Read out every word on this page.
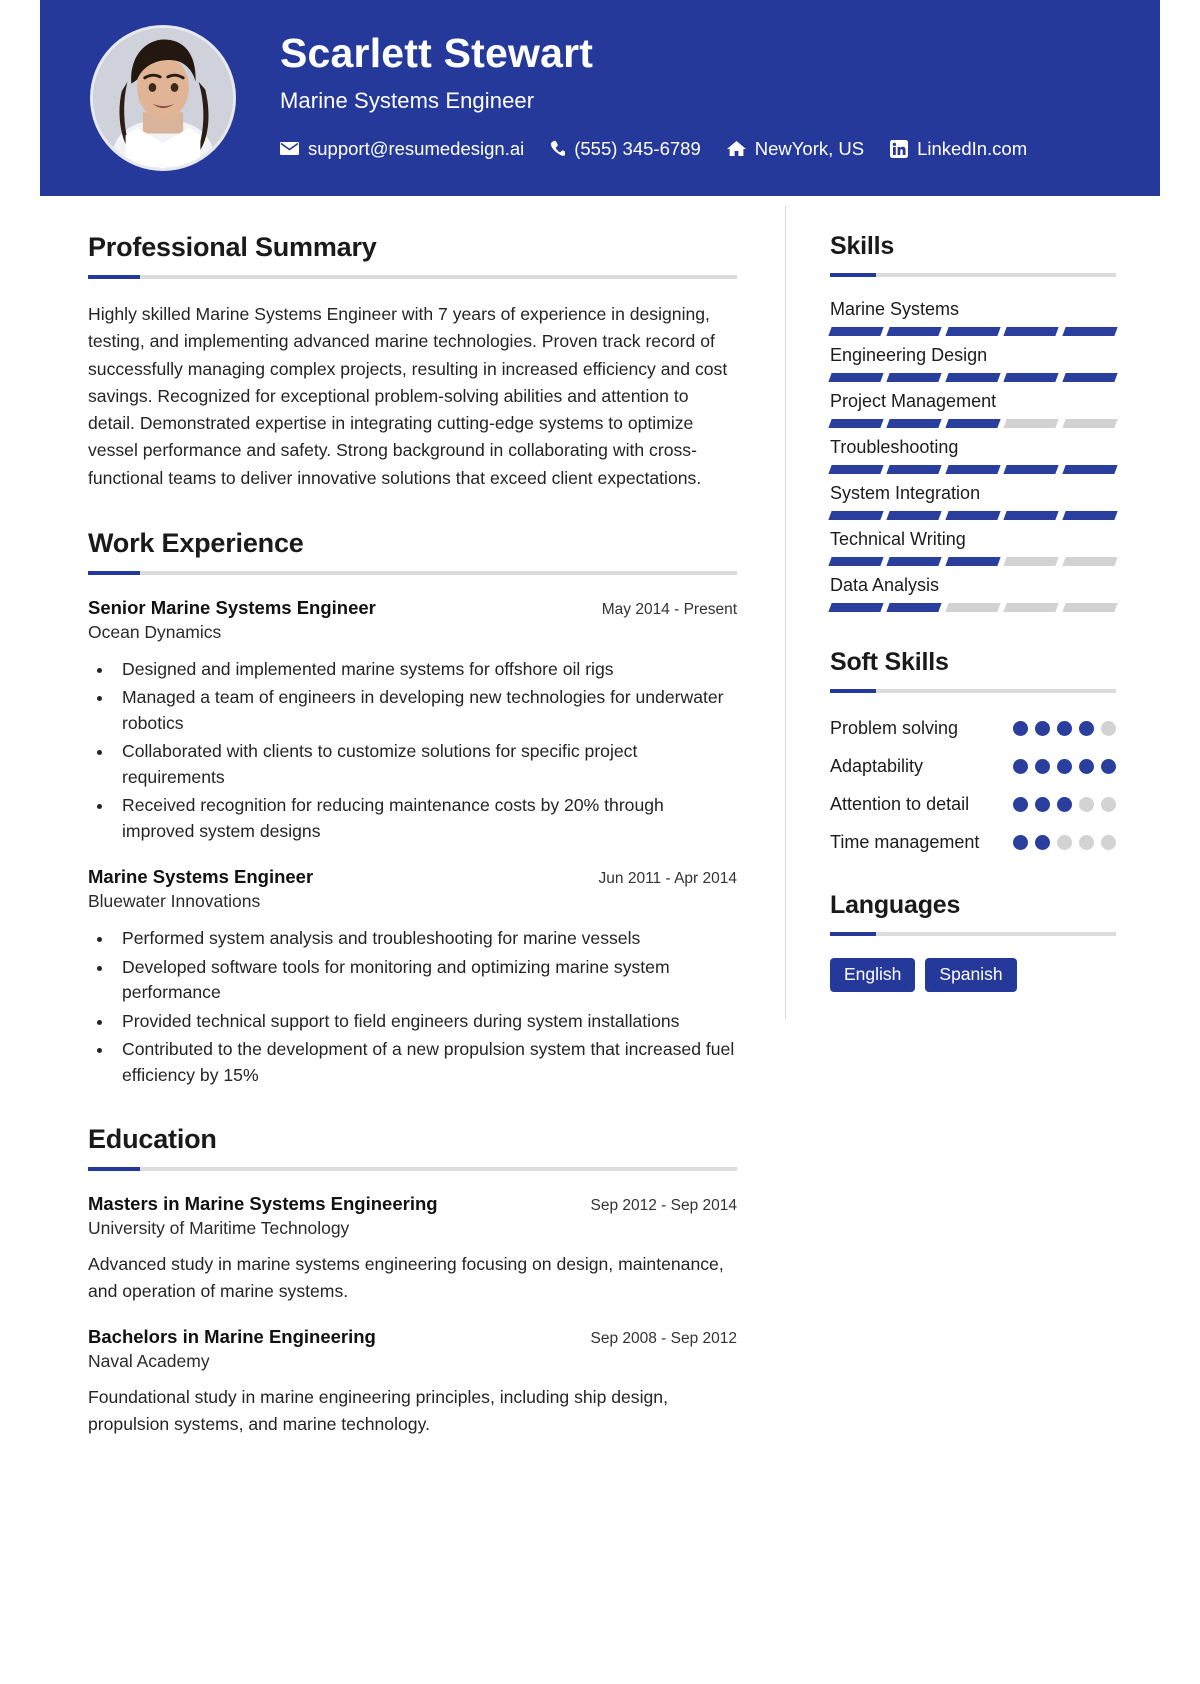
Scarlett Stewart
Marine Systems Engineer
support@resumedesign.ai	(555) 345-6789	NewYork, US	LinkedIn.com
Professional Summary
Highly skilled Marine Systems Engineer with 7 years of experience in designing, testing, and implementing advanced marine technologies. Proven track record of successfully managing complex projects, resulting in increased efficiency and cost savings. Recognized for exceptional problem-solving abilities and attention to detail. Demonstrated expertise in integrating cutting-edge systems to optimize vessel performance and safety. Strong background in collaborating with cross-functional teams to deliver innovative solutions that exceed client expectations.
Work Experience
Senior Marine Systems Engineer	May 2014 - Present
Ocean Dynamics
• Designed and implemented marine systems for offshore oil rigs
• Managed a team of engineers in developing new technologies for underwater robotics
• Collaborated with clients to customize solutions for specific project requirements
• Received recognition for reducing maintenance costs by 20% through improved system designs
Marine Systems Engineer	Jun 2011 - Apr 2014
Bluewater Innovations
• Performed system analysis and troubleshooting for marine vessels
• Developed software tools for monitoring and optimizing marine system performance
• Provided technical support to field engineers during system installations
• Contributed to the development of a new propulsion system that increased fuel efficiency by 15%
Education
Masters in Marine Systems Engineering	Sep 2012 - Sep 2014
University of Maritime Technology
Advanced study in marine systems engineering focusing on design, maintenance, and operation of marine systems.
Bachelors in Marine Engineering	Sep 2008 - Sep 2012
Naval Academy
Foundational study in marine engineering principles, including ship design, propulsion systems, and marine technology.
Skills
Marine Systems
Engineering Design
Project Management
Troubleshooting
System Integration
Technical Writing
Data Analysis
Soft Skills
Problem solving
Adaptability
Attention to detail
Time management
Languages
English	Spanish
